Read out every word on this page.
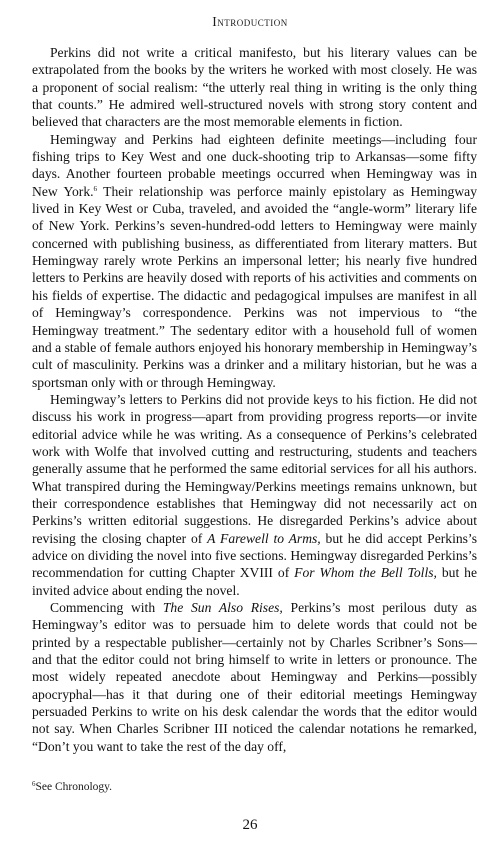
Introduction

Perkins did not write a critical manifesto, but his literary values can be extrapolated from the books by the writers he worked with most closely. He was a proponent of social realism: “the utterly real thing in writing is the only thing that counts.” He admired well-structured novels with strong story content and believed that characters are the most memorable elements in fiction.

Hemingway and Perkins had eighteen definite meetings—including four fishing trips to Key West and one duck-shooting trip to Arkansas—some fifty days. Another fourteen probable meetings occurred when Hemingway was in New York.$^6$ Their relationship was perforce mainly epistolary as Hemingway lived in Key West or Cuba, traveled, and avoided the “angle-worm” literary life of New York. Perkins’s seven-hundred-odd letters to Hemingway were mainly concerned with publishing business, as differentiated from literary matters. But Hemingway rarely wrote Perkins an impersonal letter; his nearly five hundred letters to Perkins are heavily dosed with reports of his activities and comments on his fields of expertise. The didactic and pedagogical impulses are manifest in all of Hemingway’s correspondence. Perkins was not impervious to “the Hemingway treatment.” The sedentary editor with a household full of women and a stable of female authors enjoyed his honorary membership in Hemingway’s cult of masculinity. Perkins was a drinker and a military historian, but he was a sportsman only with or through Hemingway.

Hemingway’s letters to Perkins did not provide keys to his fiction. He did not discuss his work in progress—apart from providing progress reports—or invite editorial advice while he was writing. As a consequence of Perkins’s celebrated work with Wolfe that involved cutting and restructuring, students and teachers generally assume that he performed the same editorial services for all his authors. What transpired during the Hemingway/Perkins meetings remains unknown, but their correspondence establishes that Hemingway did not necessarily act on Perkins’s written editorial suggestions. He disregarded Perkins’s advice about revising the closing chapter of A Farewell to Arms, but he did accept Perkins’s advice on dividing the novel into five sections. Hemingway disregarded Perkins’s recommendation for cutting Chapter XVIII of For Whom the Bell Tolls, but he invited advice about ending the novel.

Commencing with The Sun Also Rises, Perkins’s most perilous duty as Hemingway’s editor was to persuade him to delete words that could not be printed by a respectable publisher—certainly not by Charles Scribner’s Sons—and that the editor could not bring himself to write in letters or pronounce. The most widely repeated anecdote about Hemingway and Perkins—possibly apocryphal—has it that during one of their editorial meetings Hemingway persuaded Perkins to write on his desk calendar the words that the editor would not say. When Charles Scribner III noticed the calendar notations he remarked, “Don’t you want to take the rest of the day off,

$^6$See Chronology.
26
